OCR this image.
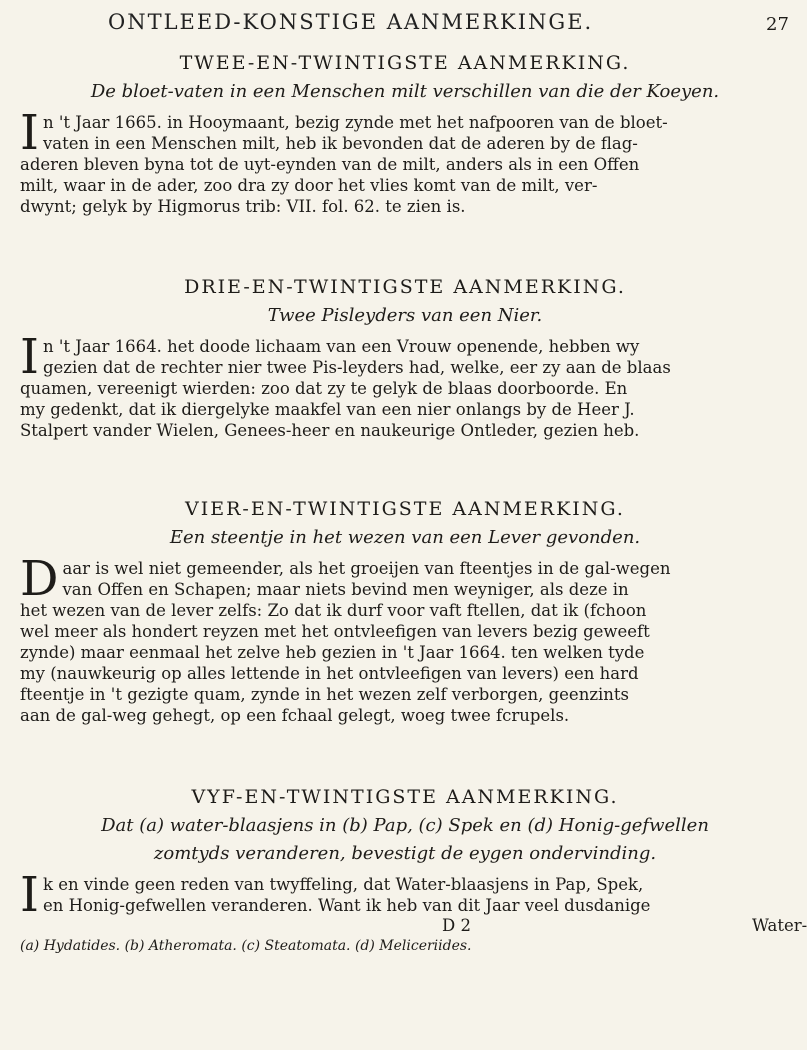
ONTLEED-KONSTIGE AANMERKINGE.	27

TWEE-EN-TWINTIGSTE AANMERKING.

De bloet-vaten in een Menschen milt verschillen van die der Koeyen.

I n 't Jaar 1665. in Hooymaant, bezig zynde met het nafpooren van de bloet-
vaten in een Menschen milt, heb ik bevonden dat de aderen by de flag-
aderen bleven byna tot de uyt-eynden van de milt, anders als in een Offen
milt, waar in de ader, zoo dra zy door het vlies komt van de milt, ver-
dwynt; gelyk by Higmorus trib: VII. fol. 62. te zien is.

DRIE-EN-TWINTIGSTE AANMERKING.

Twee Pisleyders van een Nier.

I n 't Jaar 1664. het doode lichaam van een Vrouw openende, hebben wy
gezien dat de rechter nier twee Pis-leyders had, welke, eer zy aan de blaas
quamen, vereenigt wierden: zoo dat zy te gelyk de blaas doorboorde. En
my gedenkt, dat ik diergelyke maakfel van een nier onlangs by de Heer J.
Stalpert vander Wielen, Genees-heer en naukeurige Ontleder, gezien heb.

VIER-EN-TWINTIGSTE AANMERKING.

Een steentje in het wezen van een Lever gevonden.

D aar is wel niet gemeender, als het groeijen van fteentjes in de gal-wegen
van Offen en Schapen; maar niets bevind men weyniger, als deze in
het wezen van de lever zelfs: Zo dat ik durf voor vaft ftellen, dat ik (fchoon
wel meer als hondert reyzen met het ontvleefigen van levers bezig geweeft
zynde) maar eenmaal het zelve heb gezien in 't Jaar 1664. ten welken tyde
my (nauwkeurig op alles lettende in het ontvleefigen van levers) een hard
fteentje in 't gezigte quam, zynde in het wezen zelf verborgen, geenzints
aan de gal-weg gehegt, op een fchaal gelegt, woeg twee fcrupels.

VYF-EN-TWINTIGSTE AANMERKING.

Dat (a) water-blaasjens in (b) Pap, (c) Spek en (d) Honig-gefwellen

zomtyds veranderen, bevestigt de eygen ondervinding.

I k en vinde geen reden van twyffeling, dat Water-blaasjens in Pap, Spek,
en Honig-gefwellen veranderen. Want ik heb van dit Jaar veel dusdanige
D 2	Water-
(a) Hydatides. (b) Atheromata. (c) Steatomata. (d) Meliceriides.
